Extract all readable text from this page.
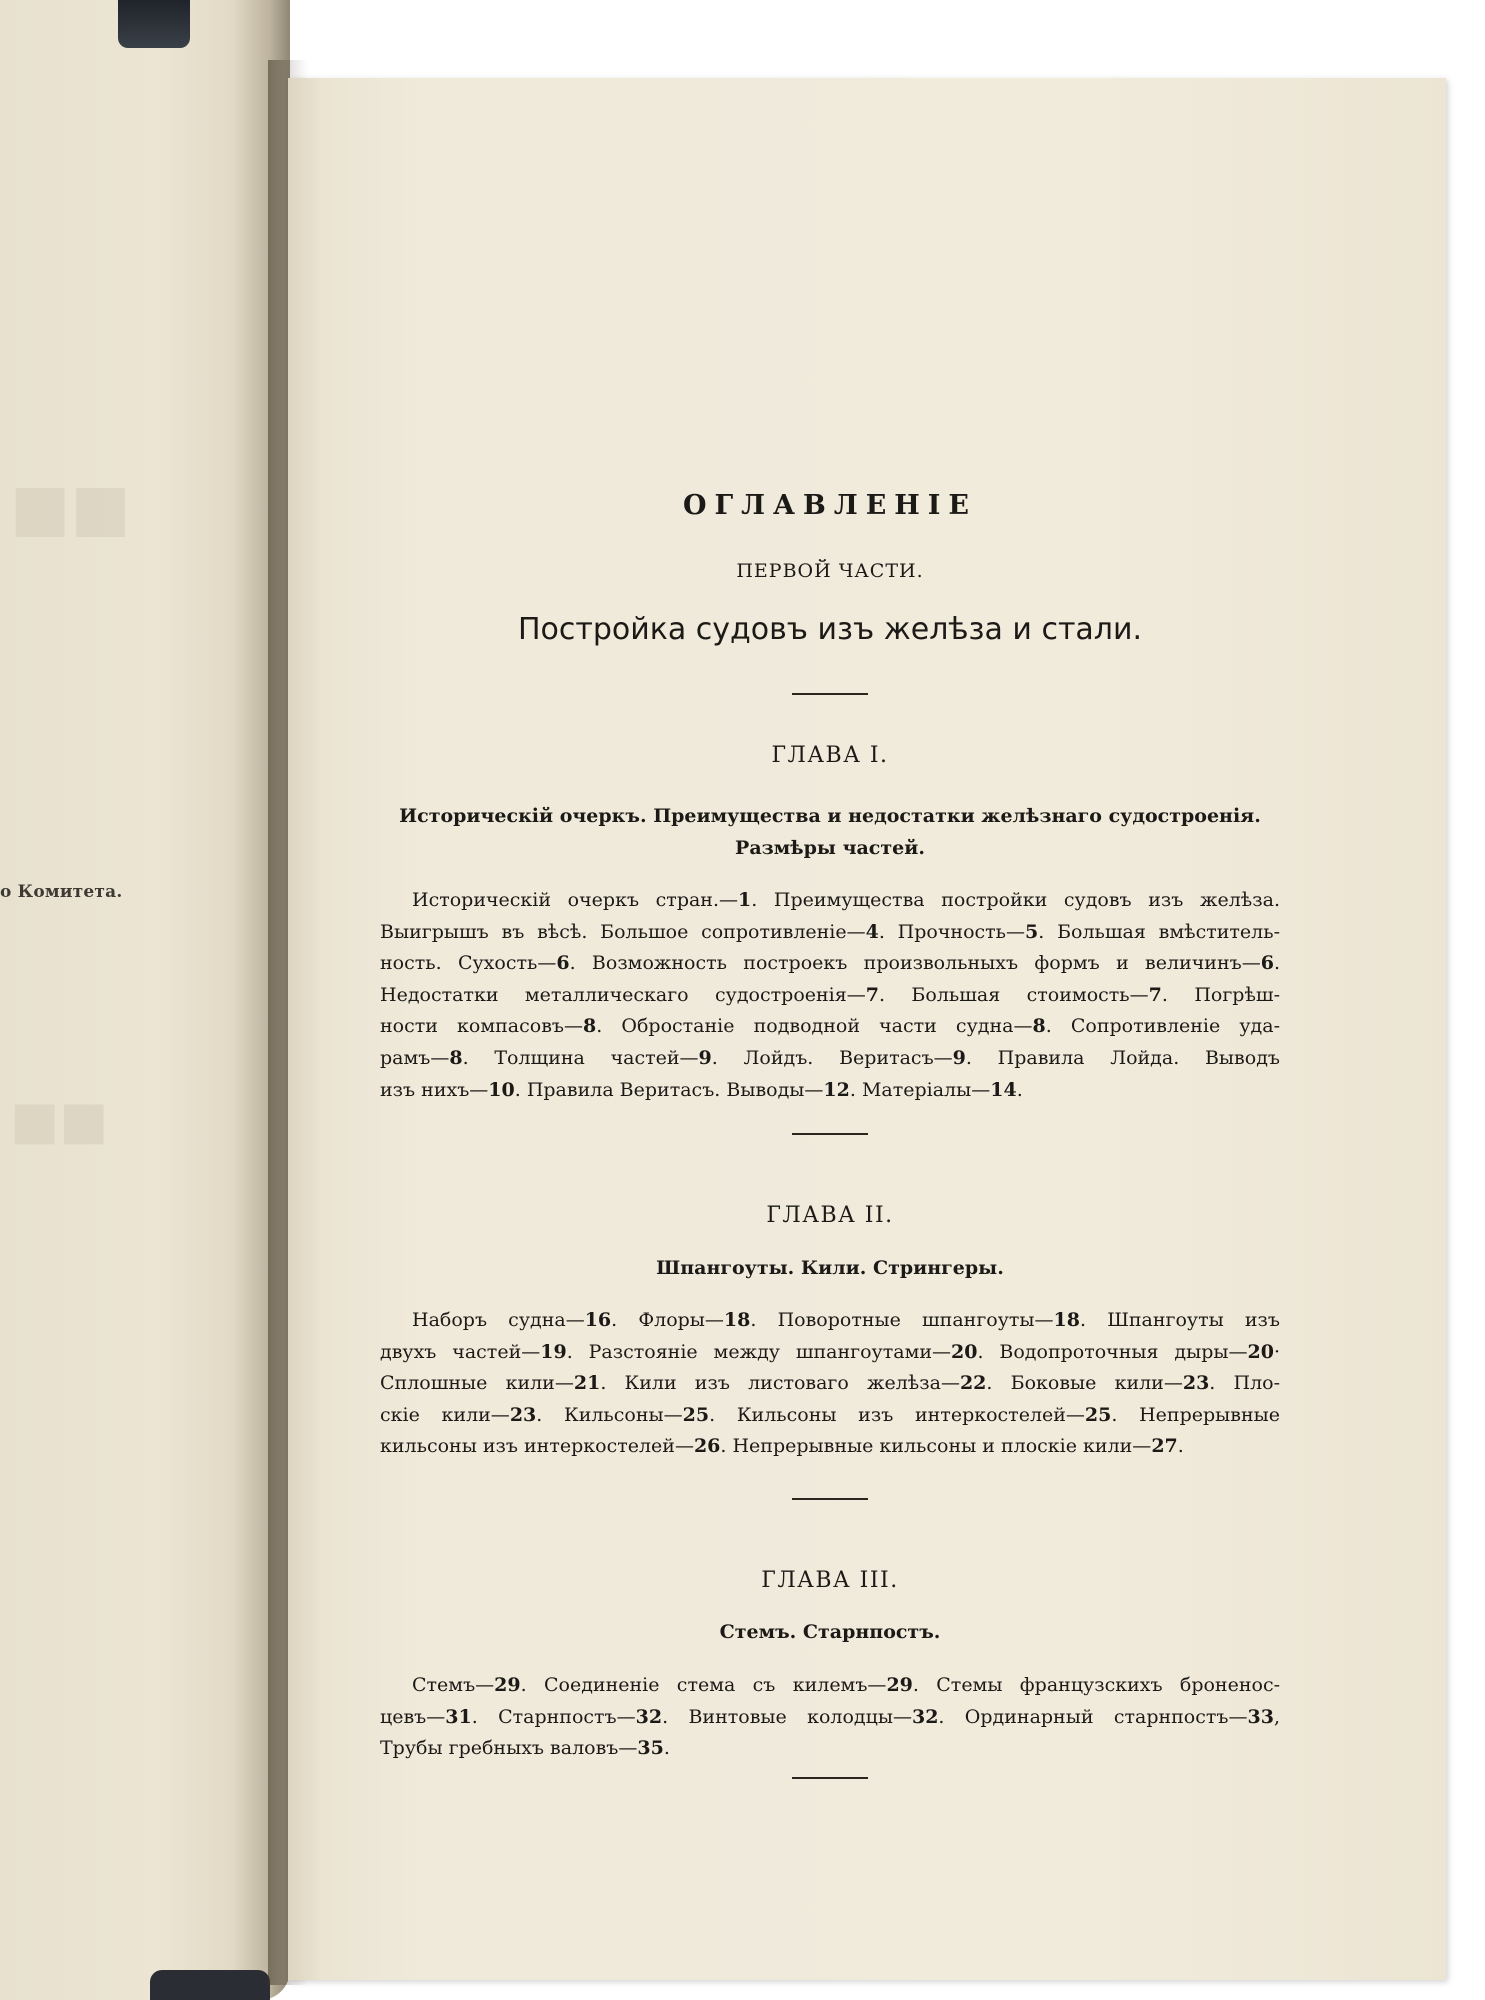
■■
■■
о Комитета.
ОГЛАВЛЕНІЕ
ПЕРВОЙ ЧАСТИ.
Постройка судовъ изъ желѣза и стали.
ГЛАВА I.
Историческій очеркъ. Преимущества и недостатки желѣзнаго судостроенія.
Размѣры частей.
Историческій очеркъ стран.—1. Преимущества постройки судовъ изъ желѣза.
Выигрышъ въ вѣсѣ. Большое сопротивленіе—4. Прочность—5. Большая вмѣститель-
ность. Сухость—6. Возможность построекъ произвольныхъ формъ и величинъ—6.
Недостатки металлическаго судостроенія—7. Большая стоимость—7. Погрѣш-
ности компасовъ—8. Обростаніе подводной части судна—8. Сопротивленіе уда-
рамъ—8. Толщина частей—9. Лойдъ. Веритасъ—9. Правила Лойда. Выводъ
изъ нихъ—10. Правила Веритасъ. Выводы—12. Матеріалы—14.
ГЛАВА II.
Шпангоуты. Кили. Стрингеры.
Наборъ судна—16. Флоры—18. Поворотные шпангоуты—18. Шпангоуты изъ
двухъ частей—19. Разстояніе между шпангоутами—20. Водопроточныя дыры—20·
Сплошные кили—21. Кили изъ листоваго желѣза—22. Боковые кили—23. Пло-
скіе кили—23. Кильсоны—25. Кильсоны изъ интеркостелей—25. Непрерывные
кильсоны изъ интеркостелей—26. Непрерывные кильсоны и плоскіе кили—27.
ГЛАВА III.
Стемъ. Старнпостъ.
Стемъ—29. Соединеніе стема съ килемъ—29. Стемы французскихъ броненос-
цевъ—31. Старнпостъ—32. Винтовые колодцы—32. Ординарный старнпостъ—33,
Трубы гребныхъ валовъ—35.
